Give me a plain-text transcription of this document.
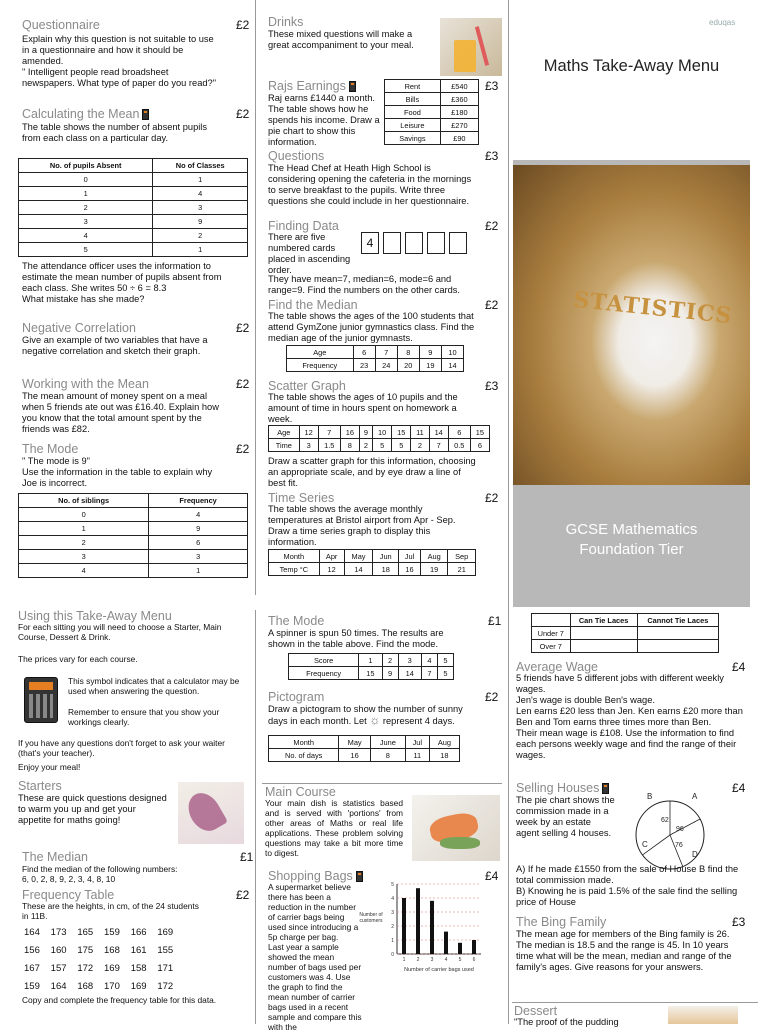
Questionnaire	£2
Explain why this question is not suitable to use in a questionnaire and how it should be amended.
" Intelligent people read broadsheet newspapers. What type of paper do you read?"
Calculating the Mean	£2
The table shows the number of absent pupils from each class on a particular day.
No. of pupils Absent	No of Classes
0	1
1	4
2	3
3	9
4	2
5	1
The attendance officer uses the information to estimate the mean number of pupils absent from each class. She writes 50 ÷ 6 = 8.3
What mistake has she made?
Negative Correlation	£2
Give an example of two variables that have a negative correlation and sketch their graph.
Working with the Mean	£2
The mean amount of money spent on a meal when 5 friends ate out was £16.40. Explain how you know that the total amount spent by the friends was £82.
The Mode	£2
" The mode is 9"
Use the information in the table to explain why Joe is incorrect.
No. of siblings	Frequency
0	4
1	9
2	6
3	3
4	1
Drinks
These mixed questions will make a great accompaniment to your meal.
Rajs Earnings	£3
Raj earns £1440 a month. The table shows how he spends his income. Draw a pie chart to show this information.
Rent	£540
Bills	£360
Food	£180
Leisure	£270
Savings	£90
Questions	£3
The Head Chef at Heath High School is considering opening the cafeteria in the mornings to serve breakfast to the pupils. Write three questions she could include in her questionnaire.
Finding Data	£2
There are five numbered cards placed in ascending order.
4
They have mean=7, median=6, mode=6 and range=9. Find the numbers on the other cards.
Find the Median	£2
The table shows the ages of the 100 students that attend GymZone junior gymnastics class. Find the median age of the junior gymnasts.
Age	6	7	8	9	10
Frequency	23	24	20	19	14
Scatter Graph	£3
The table shows the ages of 10 pupils and the amount of time in hours spent on homework a week.
Age	12	7	16	9	10	15	11	14	6	15
Time	3	1.5	8	2	5	5	2	7	0.5	6
Draw a scatter graph for this information, choosing an appropriate scale, and by eye draw a line of best fit.
Time Series	£2
The table shows the average monthly temperatures at Bristol airport from Apr - Sep. Draw a time series graph to display this information.
Month	Apr	May	Jun	Jul	Aug	Sep
Temp °C	12	14	18	16	19	21
eduqas
Maths Take-Away Menu
Statistics
STATISTICS
GCSE Mathematics
Foundation Tier
Using this Take-Away Menu
For each sitting you will need to choose a Starter, Main Course, Dessert & Drink.
The prices vary for each course.
This symbol indicates that a calculator may be used when answering the question.
Remember to ensure that you show your workings clearly.
If you have any questions don't forget to ask your waiter (that's your teacher).
Enjoy your meal!
Starters
These are quick questions designed to warm you up and get your appetite for maths going!
The Median	£1
Find the median of the following numbers:
6, 0, 2, 8, 9, 2, 3, 4, 8, 10
Frequency Table	£2
These are the heights, in cm, of the 24 students in 11B.
164	173	165	159	166	169
156	160	175	168	161	155
167	157	172	169	158	171
159	164	168	170	169	172
Copy and complete the frequency table for this data.
The Mode	£1
A spinner is spun 50 times. The results are shown in the table above. Find the mode.
Score	1	2	3	4	5
Frequency	15	9	14	7	5
Pictogram	£2
Draw a pictogram to show the number of sunny days in each month. Let ☼ represent 4 days.
Month	May	June	Jul	Aug
No. of days	16	8	11	18
Main Course
Your main dish is statistics based and is served with 'portions' from other areas of Maths or real life applications. These problem solving questions may take a bit more time to digest.
Shopping Bags	£4
A supermarket believe there has been a reduction in the number of carrier bags being used since introducing a 5p charge per bag.
Last year a sample showed the mean number of bags used per customers was 4. Use the graph to find the mean number of carrier bags used in a recent sample and compare this with the
0
1
2
3
4
5
1 2 3 4 5 6
Number of customers
Number of carrier bags used
	Can Tie Laces	Cannot Tie Laces
Under 7		
Over 7		
Average Wage	£4
5 friends have 5 different jobs with different weekly wages.
Jen's wage is double Ben's wage.
Len earns £20 less than Jen. Ken earns £20 more than Ben and Tom earns three times more than Ben.
Their mean wage is £108. Use the information to find each persons weekly wage and find the range of their wages.
Selling Houses	£4
The pie chart shows the commission made in a week by an estate agent selling 4 houses.
A
B
C
D
62
96
76

A) If he made £1550 from the sale of House B find the total commission made.
B) Knowing he is paid 1.5% of the sale find the selling price of House

The Bing Family	£3
The mean age for members of the Bing family is 26. The median is 18.5 and the range is 45. In 10 years time what will be the mean, median and range of the family's ages. Give reasons for your answers.
Dessert
"The proof of the pudding
